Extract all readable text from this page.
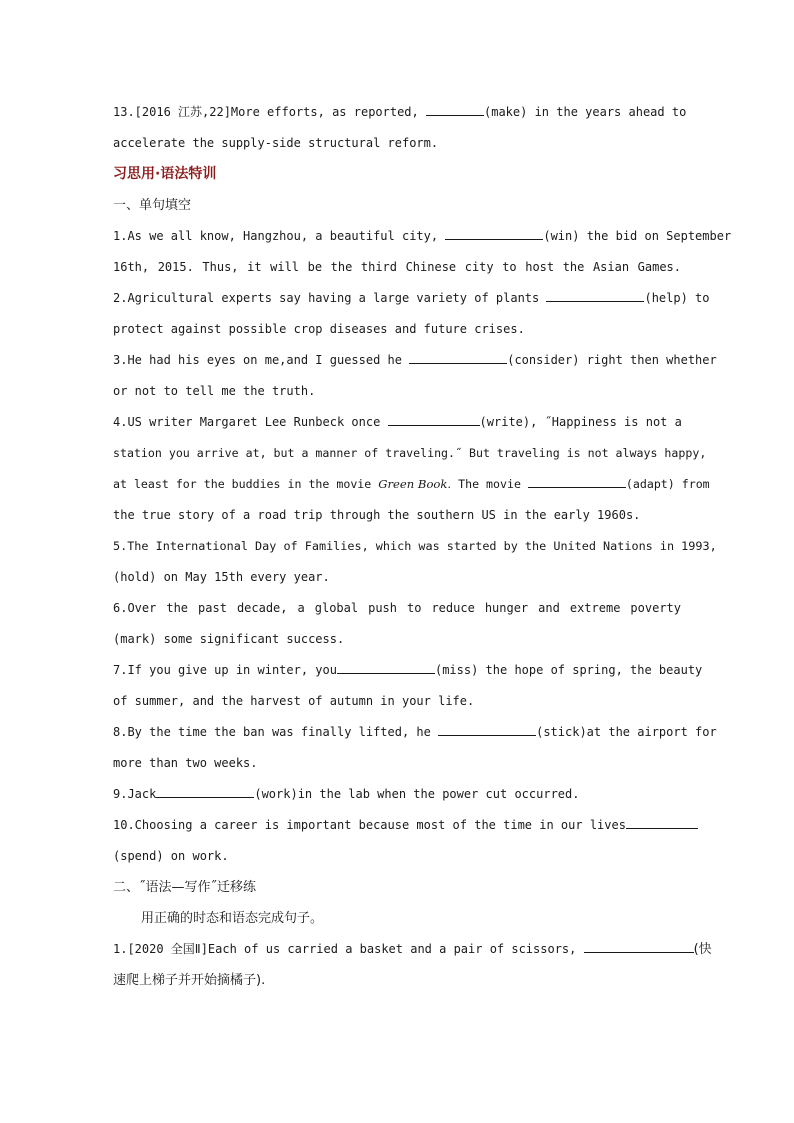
13.[2016 江苏,22]More efforts, as reported,	(make) in the years ahead to
accelerate the supply-side structural reform.
习思用·语法特训
一、单句填空
1.As we all know, Hangzhou, a beautiful city,	(win) the bid on September
16th, 2015. Thus, it will be the third Chinese city to host the Asian Games.
2.Agricultural experts say having a large variety of plants	(help) to
protect against possible crop diseases and future crises.
3.He had his eyes on me,and I guessed he	(consider) right then whether
or not to tell me the truth.
4.US writer Margaret Lee Runbeck once	(write), ˝Happiness is not a
station you arrive at, but a manner of traveling.˝ But traveling is not always happy,
at least for the buddies in the movie Green Book. The movie	(adapt) from
the true story of a road trip through the southern US in the early 1960s.
5.The International Day of Families, which was started by the United Nations in 1993,
(hold) on May 15th every year.
6.Over the past decade, a global push to reduce hunger and extreme poverty
(mark) some significant success.
7.If you give up in winter, you	(miss) the hope of spring, the beauty
of summer, and the harvest of autumn in your life.
8.By the time the ban was finally lifted, he	(stick)at the airport for
more than two weeks.
9.Jack	(work)in the lab when the power cut occurred.
10.Choosing a career is important because most of the time in our lives
(spend) on work.
二、˝语法—写作˝迁移练
用正确的时态和语态完成句子。
1.[2020 全国Ⅱ]Each of us carried a basket and a pair of scissors,	(快
速爬上梯子并开始摘橘子).
